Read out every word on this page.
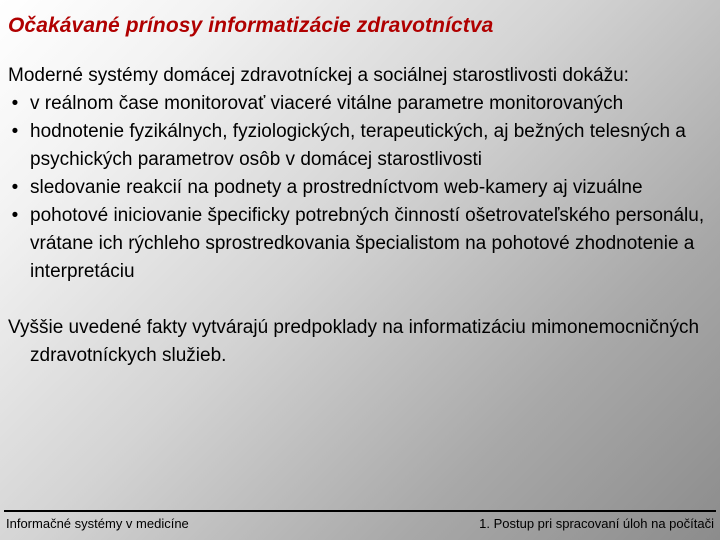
Očakávané prínosy informatizácie zdravotníctva

Moderné systémy domácej zdravotníckej a sociálnej starostlivosti dokážu:

• v reálnom čase monitorovať viaceré vitálne parametre monitorovaných
• hodnotenie fyzikálnych, fyziologických, terapeutických, aj bežných telesných a psychických parametrov osôb v domácej starostlivosti
• sledovanie reakcií na podnety a prostredníctvom web-kamery aj vizuálne
• pohotové iniciovanie špecificky potrebných činností ošetrovateľského personálu, vrátane ich rýchleho sprostredkovania špecialistom na pohotové zhodnotenie a interpretáciu

Vyššie uvedené fakty vytvárajú predpoklady na informatizáciu mimonemocničných zdravotníckych služieb.

Informačné systémy v medicíne	1. Postup pri spracovaní úloh na počítači
